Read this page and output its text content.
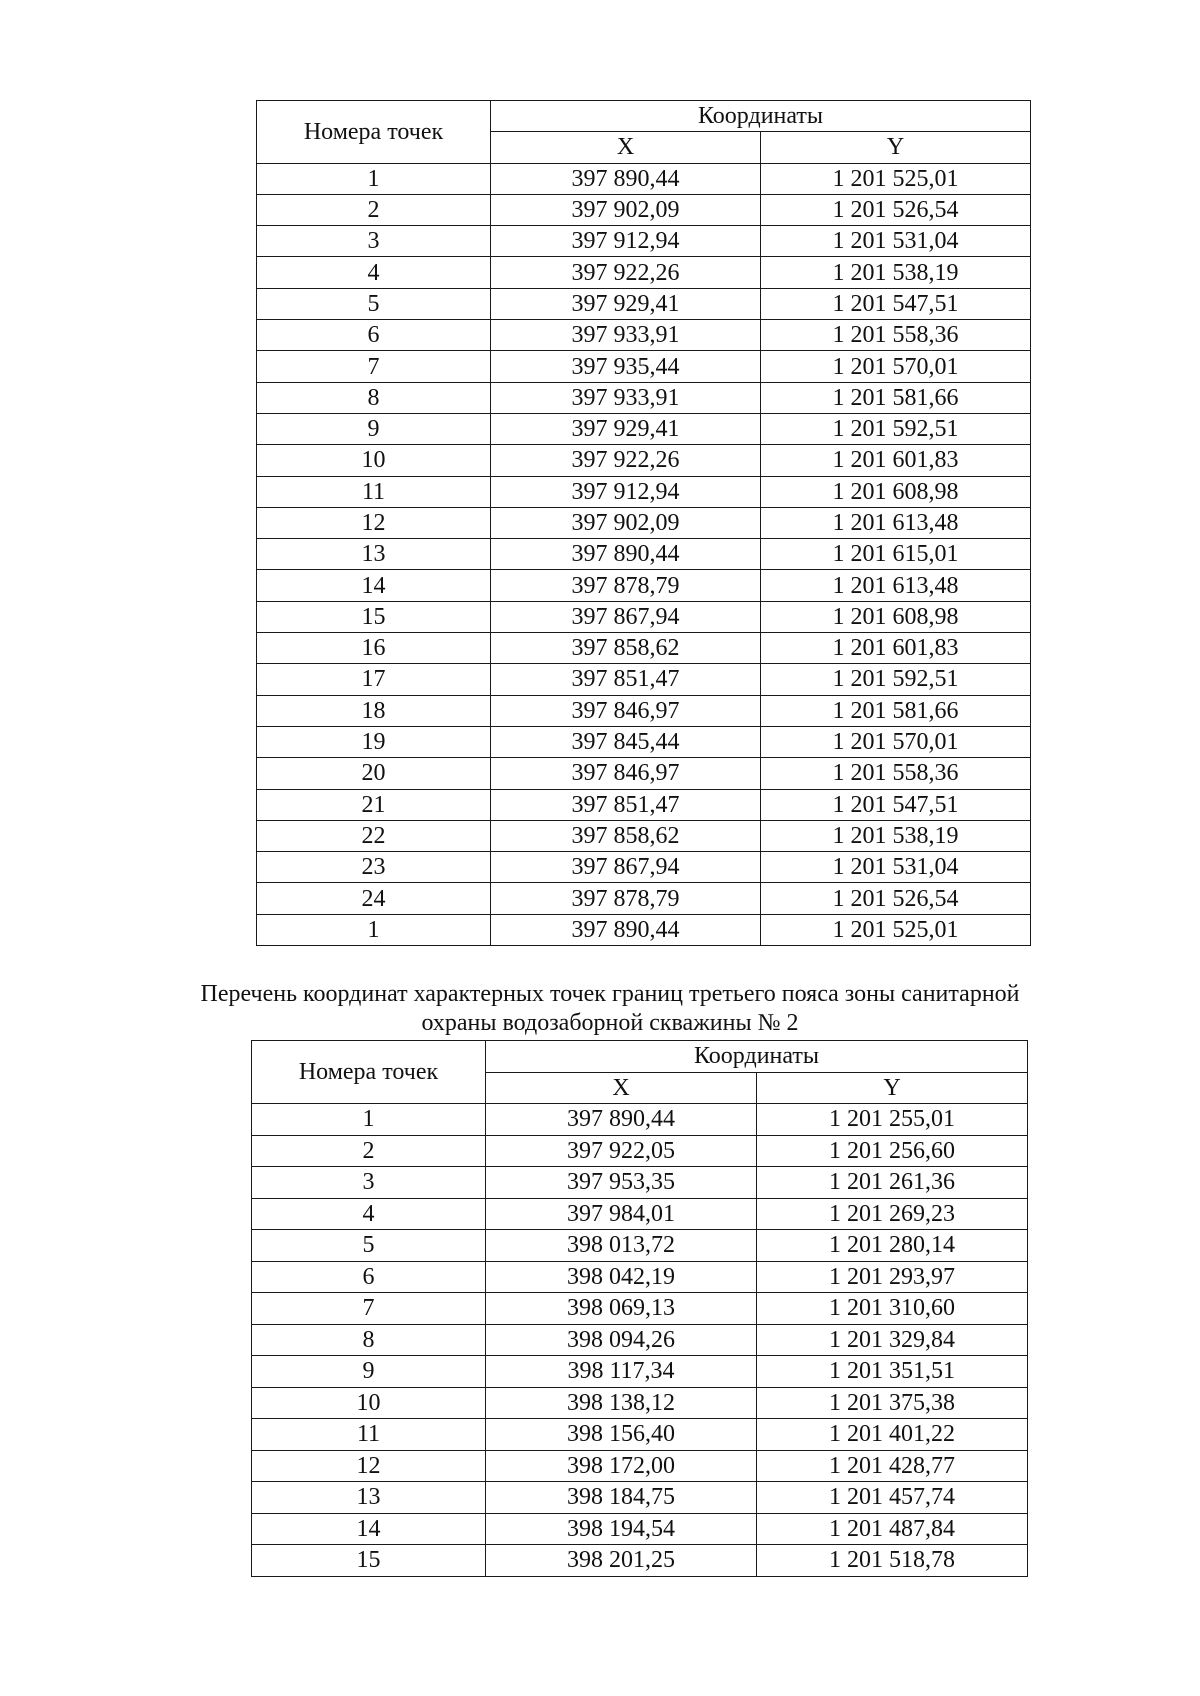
Номера точек	Координаты	
	X	Y
1	397 890,44	1 201 525,01
2	397 902,09	1 201 526,54
3	397 912,94	1 201 531,04
4	397 922,26	1 201 538,19
5	397 929,41	1 201 547,51
6	397 933,91	1 201 558,36
7	397 935,44	1 201 570,01
8	397 933,91	1 201 581,66
9	397 929,41	1 201 592,51
10	397 922,26	1 201 601,83
11	397 912,94	1 201 608,98
12	397 902,09	1 201 613,48
13	397 890,44	1 201 615,01
14	397 878,79	1 201 613,48
15	397 867,94	1 201 608,98
16	397 858,62	1 201 601,83
17	397 851,47	1 201 592,51
18	397 846,97	1 201 581,66
19	397 845,44	1 201 570,01
20	397 846,97	1 201 558,36
21	397 851,47	1 201 547,51
22	397 858,62	1 201 538,19
23	397 867,94	1 201 531,04
24	397 878,79	1 201 526,54
1	397 890,44	1 201 525,01
Перечень координат характерных точек границ третьего пояса зоны санитарной
охраны водозаборной скважины № 2
Номера точек	Координаты	
	X	Y
1	397 890,44	1 201 255,01
2	397 922,05	1 201 256,60
3	397 953,35	1 201 261,36
4	397 984,01	1 201 269,23
5	398 013,72	1 201 280,14
6	398 042,19	1 201 293,97
7	398 069,13	1 201 310,60
8	398 094,26	1 201 329,84
9	398 117,34	1 201 351,51
10	398 138,12	1 201 375,38
11	398 156,40	1 201 401,22
12	398 172,00	1 201 428,77
13	398 184,75	1 201 457,74
14	398 194,54	1 201 487,84
15	398 201,25	1 201 518,78
